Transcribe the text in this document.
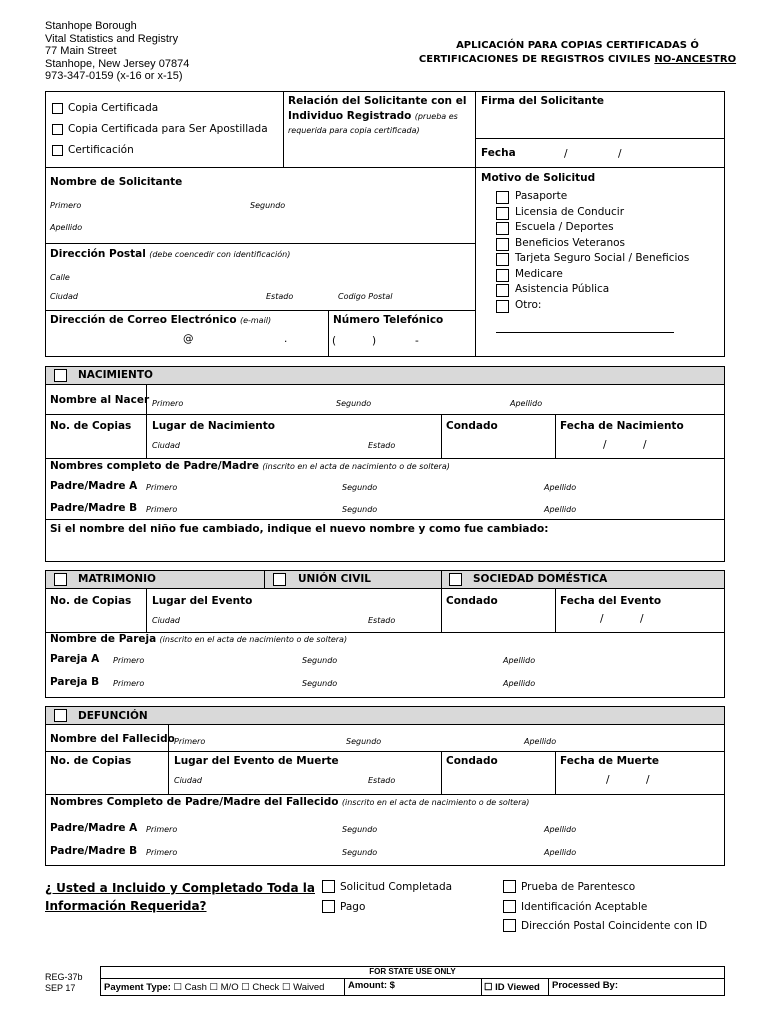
Stanhope Borough
Vital Statistics and Registry
77 Main Street
Stanhope, New Jersey 07874
973-347-0159 (x-16 or x-15)
APLICACIÓN PARA COPIAS CERTIFICADAS Ó
CERTIFICACIONES DE REGISTROS CIVILES NO-ANCESTRO
Copia Certificada
Copia Certificada para Ser Apostillada
Certificación
Relación del Solicitante con el
Individuo Registrado (prueba es
requerida para copia certificada)
Firma del Solicitante
Fecha	/	/
Nombre de Solicitante
Primero	Segundo
Apellido
Dirección Postal (debe coencedir con identificación)
Calle
Ciudad	Estado	Codigo Postal
Dirección de Correo Electrónico (e-mail)
@	.
Número Telefónico
(	)	-
Motivo de Solicitud
Pasaporte
Licensia de Conducir
Escuela / Deportes
Beneficios Veteranos
Tarjeta Seguro Social / Beneficios
Medicare
Asistencia Pública
Otro:
NACIMIENTO
Nombre al Nacer Primero	Segundo	Apellido
No. de Copias Lugar de Nacimiento
Ciudad	Estado
Condado	Fecha de Nacimiento
/	/
Nombres completo de Padre/Madre (inscrito en el acta de nacimiento o de soltera)
Padre/Madre A Primero	Segundo	Apellido
Padre/Madre B Primero	Segundo	Apellido
Si el nombre del niño fue cambiado, indique el nuevo nombre y como fue cambiado:
MATRIMONIO	UNIÓN CIVIL	SOCIEDAD DOMÉSTICA
No. de Copias Lugar del Evento
Ciudad	Estado
Condado	Fecha del Evento
/	/
Nombre de Pareja (inscrito en el acta de nacimiento o de soltera)
Pareja A Primero	Segundo	Apellido
Pareja B Primero	Segundo	Apellido
DEFUNCIÓN
Nombre del Fallecido Primero	Segundo	Apellido
No. de Copias	Lugar del Evento de Muerte
Ciudad	Estado
Condado	Fecha de Muerte
/	/
Nombres Completo de Padre/Madre del Fallecido (inscrito en el acta de nacimiento o de soltera)
Padre/Madre A Primero	Segundo	Apellido
Padre/Madre B Primero	Segundo	Apellido
¿ Usted a Incluido y Completado Toda la
Información Requerida?
Solicitud Completada
Pago
Prueba de Parentesco
Identificación Aceptable
Dirección Postal Coincidente con ID
REG-37b
SEP 17
FOR STATE USE ONLY
Payment Type: ☐ Cash ☐ M/O ☐ Check ☐ Waived Amount: $	☐ ID Viewed Processed By:
